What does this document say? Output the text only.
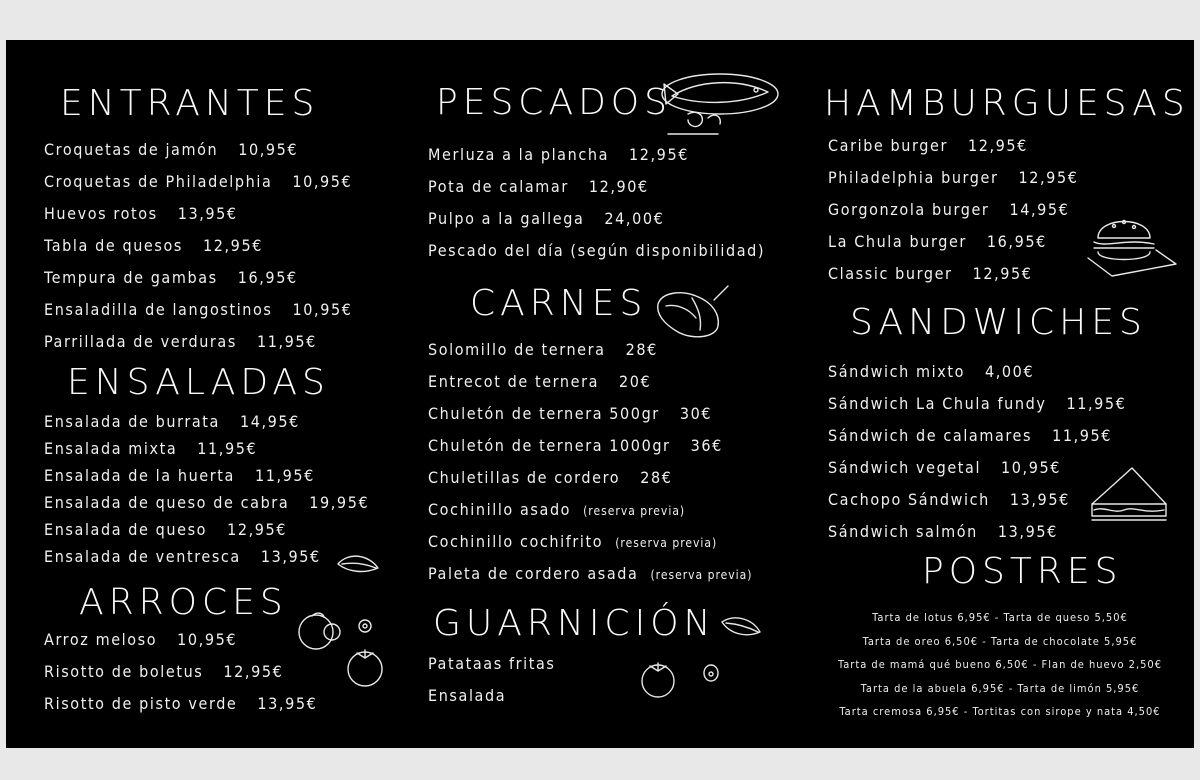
ENTRANTES
Croquetas de jamón 10,95€
Croquetas de Philadelphia 10,95€
Huevos rotos 13,95€
Tabla de quesos 12,95€
Tempura de gambas 16,95€
Ensaladilla de langostinos 10,95€
Parrillada de verduras 11,95€
ENSALADAS
Ensalada de burrata 14,95€
Ensalada mixta 11,95€
Ensalada de la huerta 11,95€
Ensalada de queso de cabra 19,95€
Ensalada de queso 12,95€
Ensalada de ventresca 13,95€
ARROCES
Arroz meloso 10,95€
Risotto de boletus 12,95€
Risotto de pisto verde 13,95€
PESCADOS
Merluza a la plancha 12,95€
Pota de calamar 12,90€
Pulpo a la gallega 24,00€
Pescado del día (según disponibilidad)
CARNES
Solomillo de ternera 28€
Entrecot de ternera 20€
Chuletón de ternera 500gr 30€
Chuletón de ternera 1000gr 36€
Chuletillas de cordero 28€
Cochinillo asado (reserva previa)
Cochinillo cochifrito (reserva previa)
Paleta de cordero asada (reserva previa)
GUARNICIÓN
Patataas fritas
Ensalada
HAMBURGUESAS
Caribe burger 12,95€
Philadelphia burger 12,95€
Gorgonzola burger 14,95€
La Chula burger 16,95€
Classic burger 12,95€
SANDWICHES
Sándwich mixto 4,00€
Sándwich La Chula fundy 11,95€
Sándwich de calamares 11,95€
Sándwich vegetal 10,95€
Cachopo Sándwich 13,95€
Sándwich salmón 13,95€
POSTRES
Tarta de lotus 6,95€ - Tarta de queso 5,50€
Tarta de oreo 6,50€ - Tarta de chocolate 5,95€
Tarta de mamá qué bueno 6,50€ - Flan de huevo 2,50€
Tarta de la abuela 6,95€ - Tarta de limón 5,95€
Tarta cremosa 6,95€ - Tortitas con sirope y nata 4,50€
